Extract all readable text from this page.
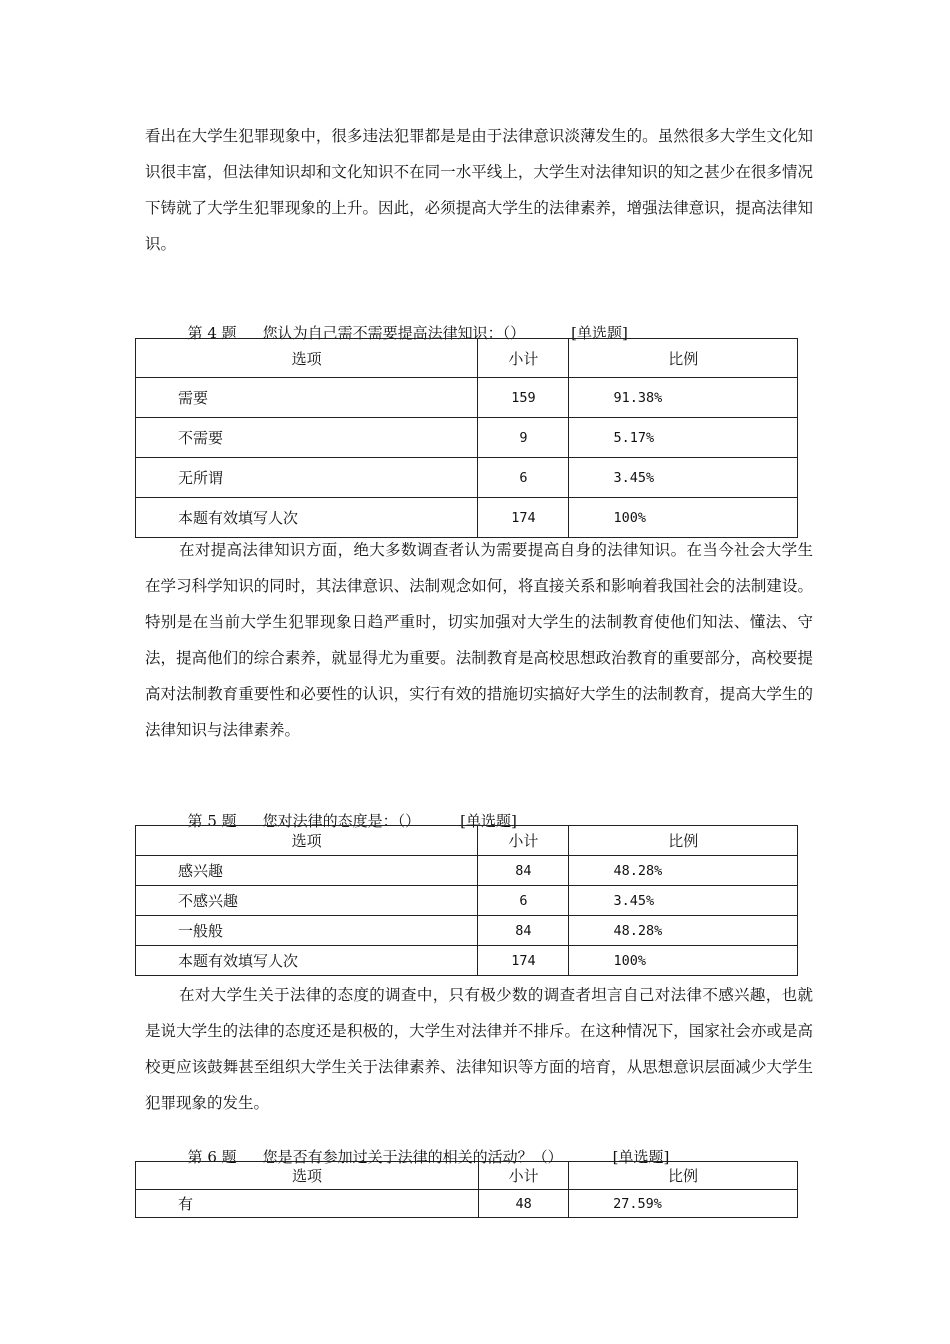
看出在大学生犯罪现象中，很多违法犯罪都是是由于法律意识淡薄发生的。虽然很多大学生文化知识很丰富，但法律知识却和文化知识不在同一水平线上，大学生对法律知识的知之甚少在很多情况下铸就了大学生犯罪现象的上升。因此，必须提高大学生的法律素养，增强法律意识，提高法律知识。

第 4 题 您认为自己需不需要提高法律知识：（）	[单选题]

选项	小计	比例
需要	159	91.38%
不需要	9	5.17%
无所谓	6	3.45%
本题有效填写人次	174	100%

在对提高法律知识方面，绝大多数调查者认为需要提高自身的法律知识。在当今社会大学生在学习科学知识的同时，其法律意识、法制观念如何，将直接关系和影响着我国社会的法制建设。特别是在当前大学生犯罪现象日趋严重时，切实加强对大学生的法制教育使他们知法、懂法、守法，提高他们的综合素养，就显得尤为重要。法制教育是高校思想政治教育的重要部分，高校要提高对法制教育重要性和必要性的认识，实行有效的措施切实搞好大学生的法制教育，提高大学生的法律知识与法律素养。

第 5 题 您对法律的态度是：（）	[单选题]

选项	小计	比例
感兴趣	84	48.28%
不感兴趣	6	3.45%
一般般	84	48.28%
本题有效填写人次	174	100%

在对大学生关于法律的态度的调查中，只有极少数的调查者坦言自己对法律不感兴趣，也就是说大学生的法律的态度还是积极的，大学生对法律并不排斥。在这种情况下，国家社会亦或是高校更应该鼓舞甚至组织大学生关于法律素养、法律知识等方面的培育，从思想意识层面减少大学生犯罪现象的发生。

第 6 题 您是否有参加过关于法律的相关的活动？（）	[单选题]

选项	小计	比例
有	48	27.59%
